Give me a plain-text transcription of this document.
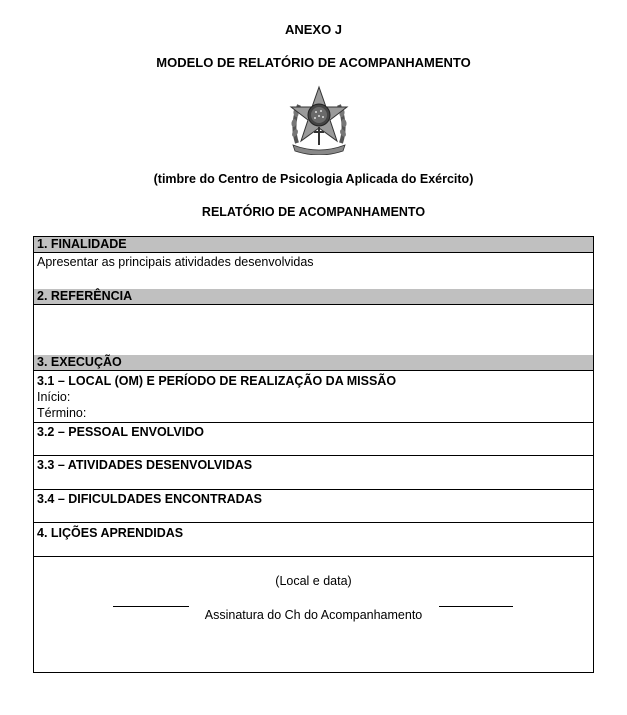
ANEXO J
MODELO DE RELATÓRIO DE ACOMPANHAMENTO
(timbre do Centro de Psicologia Aplicada do Exército)
RELATÓRIO DE ACOMPANHAMENTO
1. FINALIDADE
Apresentar as principais atividades desenvolvidas
2. REFERÊNCIA
3. EXECUÇÃO
3.1 – LOCAL (OM) E PERÍODO DE REALIZAÇÃO DA MISSÃO
Início:
Término:
3.2 – PESSOAL ENVOLVIDO
3.3 – ATIVIDADES DESENVOLVIDAS
3.4 – DIFICULDADES ENCONTRADAS
4. LIÇÕES APRENDIDAS
(Local e data)
Assinatura do Ch do Acompanhamento
